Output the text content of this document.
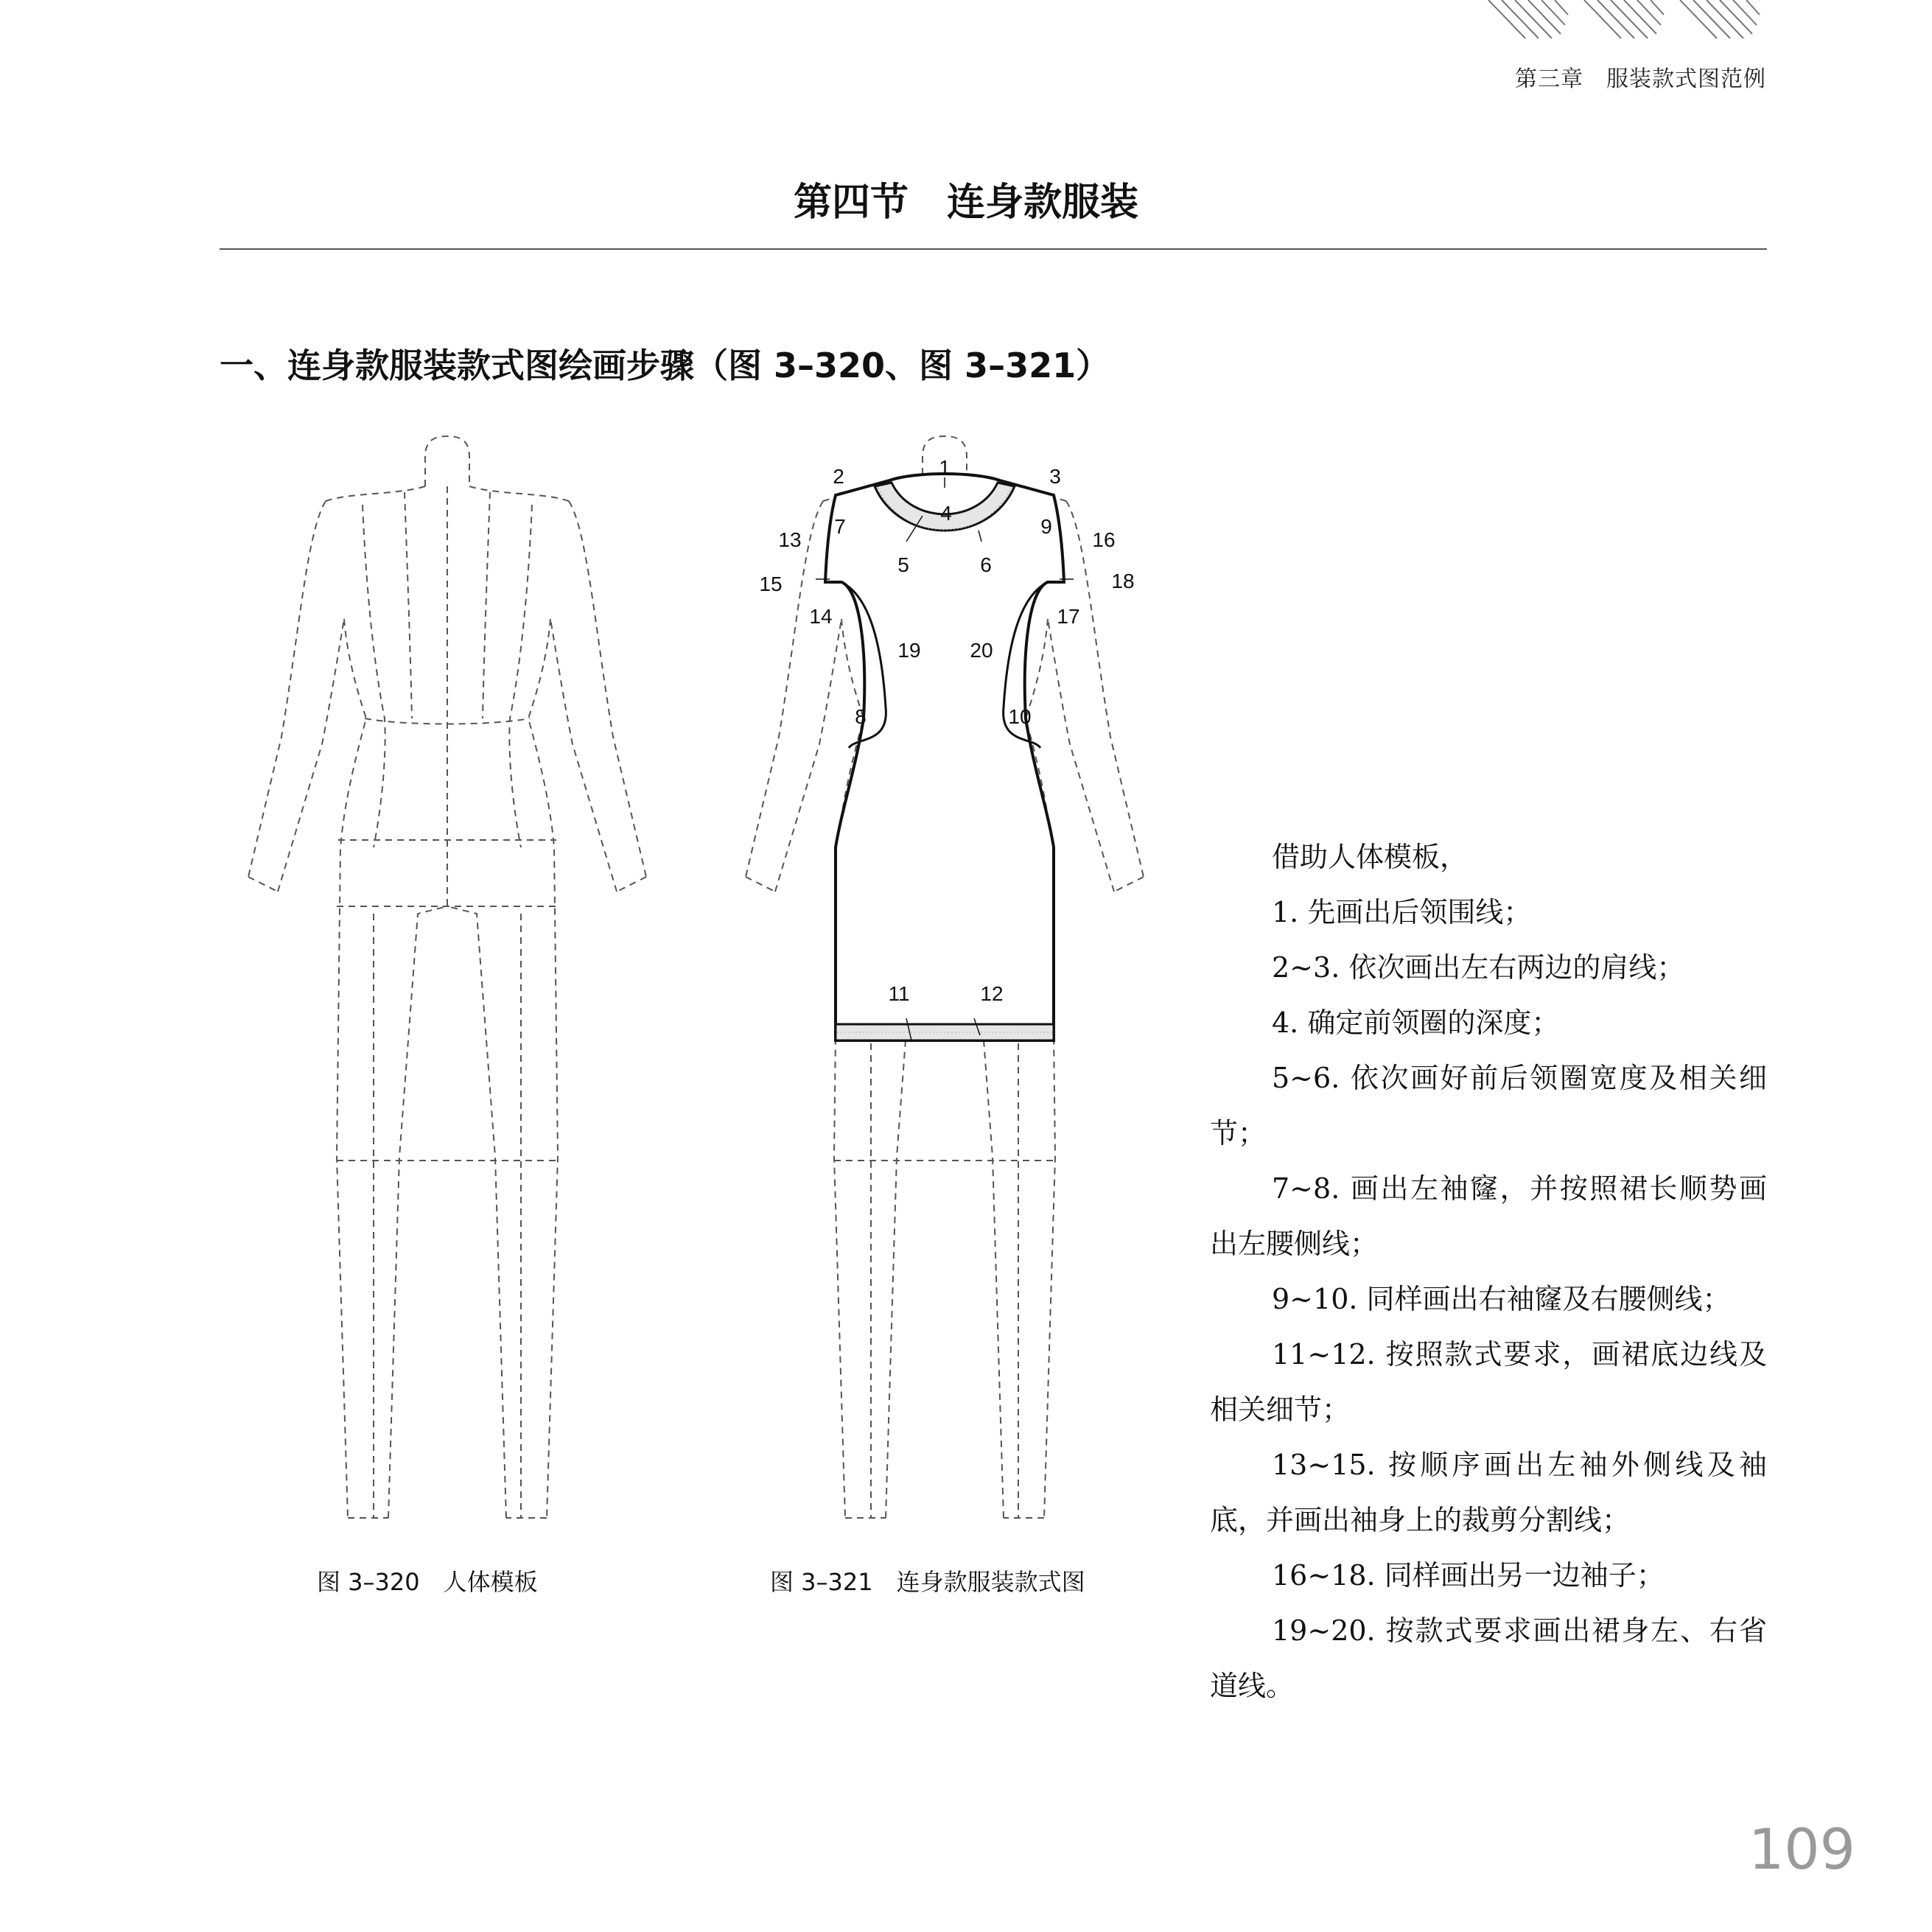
第三章　服装款式图范例
第四节　连身款服装
一、连身款服装款式图绘画步骤（图 3–320、图 3–321）
1
2	3
4
5	6
7
8
9
10
11	12
13
14
15
16
17
18
19 20
图 3–320　人体模板	图 3–321　连身款服装款式图

借助人体模板，

1. 先画出后领围线；

2~3. 依次画出左右两边的肩线；

4. 确定前领圈的深度；

5~6. 依次画好前后领圈宽度及相关细节；

7~8. 画出左袖窿，并按照裙长顺势画出左腰侧线；

9~10. 同样画出右袖窿及右腰侧线；

11~12. 按照款式要求，画裙底边线及相关细节；

13~15. 按顺序画出左袖外侧线及袖底，并画出袖身上的裁剪分割线；

16~18. 同样画出另一边袖子；

19~20. 按款式要求画出裙身左、右省道线。

109
